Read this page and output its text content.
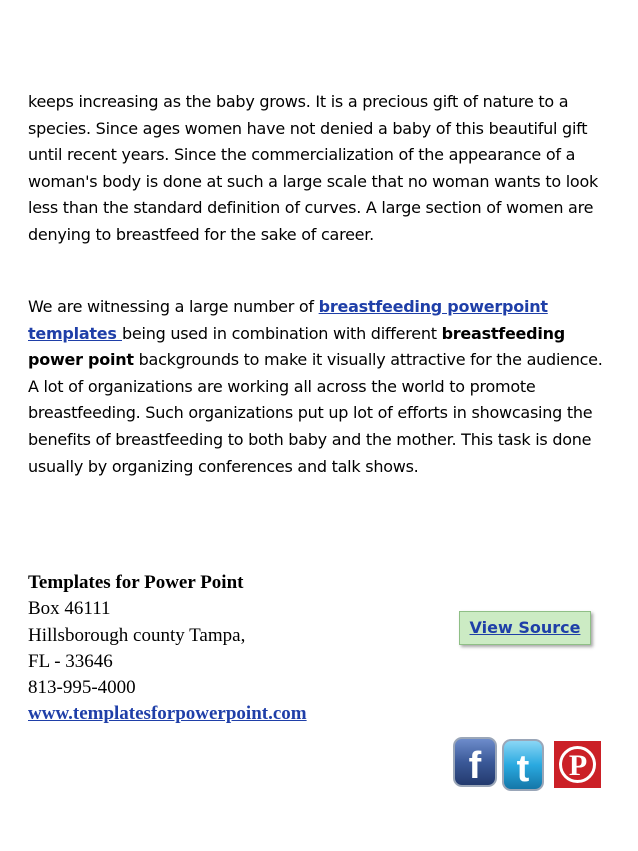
keeps increasing as the baby grows. It is a precious gift of nature to a species. Since ages women have not denied a baby of this beautiful gift until recent years. Since the commercialization of the appearance of a woman's body is done at such a large scale that no woman wants to look less than the standard definition of curves. A large section of women are denying to breastfeed for the sake of career.

We are witnessing a large number of breastfeeding powerpoint templates being used in combination with different breastfeeding power point backgrounds to make it visually attractive for the audience. A lot of organizations are working all across the world to promote breastfeeding. Such organizations put up lot of efforts in showcasing the benefits of breastfeeding to both baby and the mother. This task is done usually by organizing conferences and talk shows.

Templates for Power Point
Box 46111
Hillsborough county Tampa,
FL - 33646
813-995-4000
www.templatesforpowerpoint.com
View Source
f t P
